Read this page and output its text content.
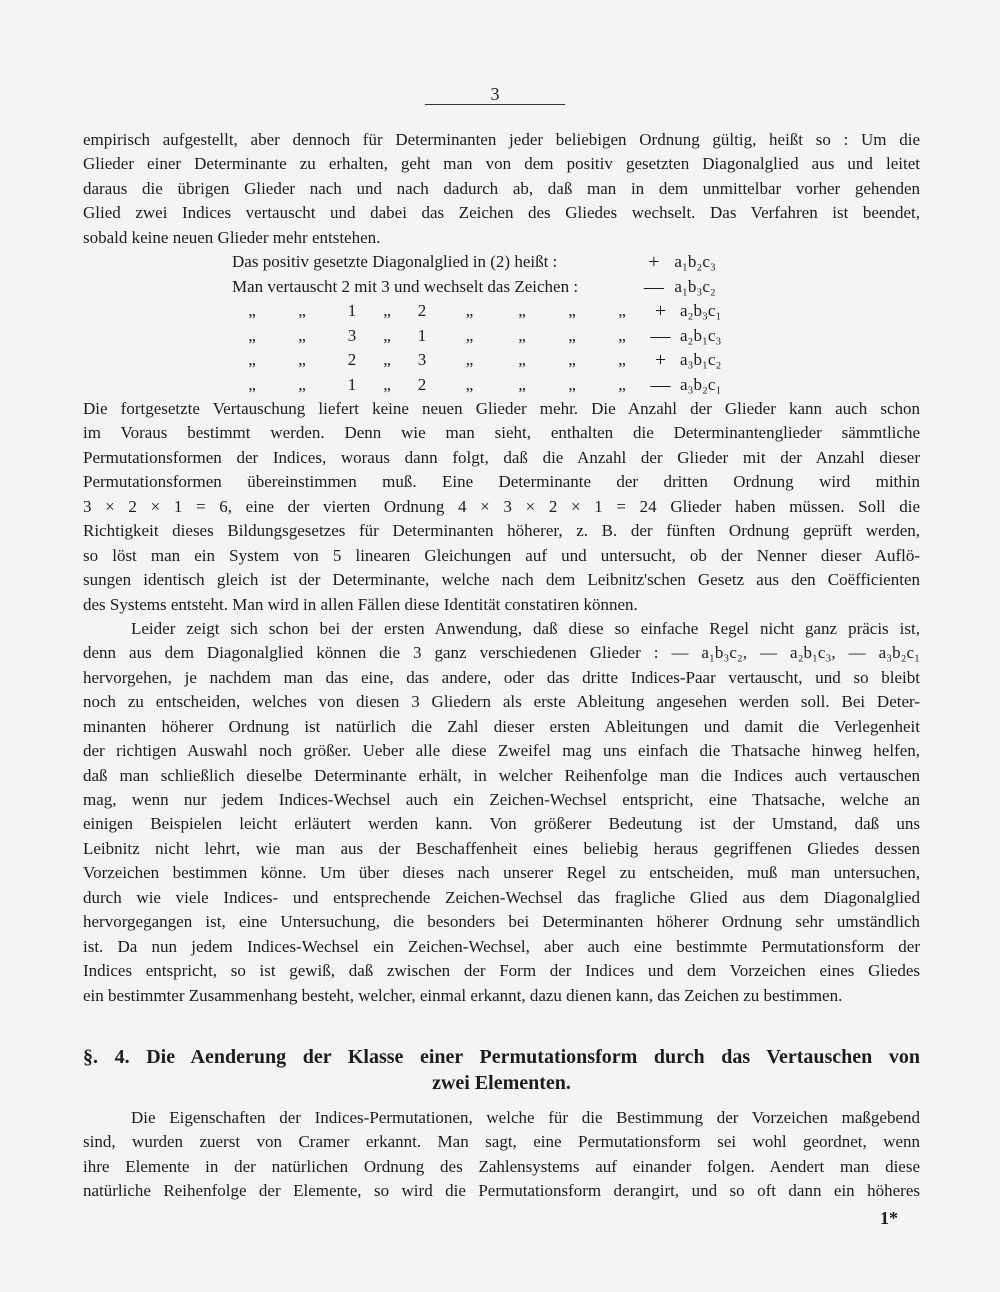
3
empirisch aufgestellt, aber dennoch für Determinanten jeder beliebigen Ordnung gültig, heißt so : Um die
Glieder einer Determinante zu erhalten, geht man von dem positiv gesetzten Diagonalglied aus und leitet
daraus die übrigen Glieder nach und nach dadurch ab, daß man in dem unmittelbar vorher gehenden
Glied zwei Indices vertauscht und dabei das Zeichen des Gliedes wechselt. Das Verfahren ist beendet,
sobald keine neuen Glieder mehr entstehen.
Das positiv gesetzte Diagonalglied in (2) heißt :	+ a₁b₂c₃
Man vertauscht 2 mit 3 und wechselt das Zeichen :	— a₁b₃c₂
„	„	1	„	2	„	„	„	„	+ a₂b₃c₁
„	„	3	„	1	„	„	„	„	— a₂b₁c₃
„	„	2	„	3	„	„	„	„	+ a₃b₁c₂
„	„	1	„	2	„	„	„	„	— a₃b₂c₁
Die fortgesetzte Vertauschung liefert keine neuen Glieder mehr. Die Anzahl der Glieder kann auch schon
im Voraus bestimmt werden. Denn wie man sieht, enthalten die Determinantenglieder sämmtliche
Permutationsformen der Indices, woraus dann folgt, daß die Anzahl der Glieder mit der Anzahl dieser
Permutationsformen übereinstimmen muß. Eine Determinante der dritten Ordnung wird mithin
3 × 2 × 1 = 6, eine der vierten Ordnung 4 × 3 × 2 × 1 = 24 Glieder haben müssen. Soll die
Richtigkeit dieses Bildungsgesetzes für Determinanten höherer, z. B. der fünften Ordnung geprüft werden,
so löst man ein System von 5 linearen Gleichungen auf und untersucht, ob der Nenner dieser Auflö-
sungen identisch gleich ist der Determinante, welche nach dem Leibnitz'schen Gesetz aus den Coëfficienten
des Systems entsteht. Man wird in allen Fällen diese Identität constatiren können.
Leider zeigt sich schon bei der ersten Anwendung, daß diese so einfache Regel nicht ganz präcis ist,
denn aus dem Diagonalglied können die 3 ganz verschiedenen Glieder : — a₁b₃c₂, — a₂b₁c₃, — a₃b₂c₁
hervorgehen, je nachdem man das eine, das andere, oder das dritte Indices-Paar vertauscht, und so bleibt
noch zu entscheiden, welches von diesen 3 Gliedern als erste Ableitung angesehen werden soll. Bei Deter-
minanten höherer Ordnung ist natürlich die Zahl dieser ersten Ableitungen und damit die Verlegenheit
der richtigen Auswahl noch größer. Ueber alle diese Zweifel mag uns einfach die Thatsache hinweg helfen,
daß man schließlich dieselbe Determinante erhält, in welcher Reihenfolge man die Indices auch vertauschen
mag, wenn nur jedem Indices-Wechsel auch ein Zeichen-Wechsel entspricht, eine Thatsache, welche an
einigen Beispielen leicht erläutert werden kann. Von größerer Bedeutung ist der Umstand, daß uns
Leibnitz nicht lehrt, wie man aus der Beschaffenheit eines beliebig heraus gegriffenen Gliedes dessen
Vorzeichen bestimmen könne. Um über dieses nach unserer Regel zu entscheiden, muß man untersuchen,
durch wie viele Indices- und entsprechende Zeichen-Wechsel das fragliche Glied aus dem Diagonalglied
hervorgegangen ist, eine Untersuchung, die besonders bei Determinanten höherer Ordnung sehr umständlich
ist. Da nun jedem Indices-Wechsel ein Zeichen-Wechsel, aber auch eine bestimmte Permutationsform der
Indices entspricht, so ist gewiß, daß zwischen der Form der Indices und dem Vorzeichen eines Gliedes
ein bestimmter Zusammenhang besteht, welcher, einmal erkannt, dazu dienen kann, das Zeichen zu bestimmen.
§. 4. Die Aenderung der Klasse einer Permutationsform durch das Vertauschen von
zwei Elementen.
Die Eigenschaften der Indices-Permutationen, welche für die Bestimmung der Vorzeichen maßgebend
sind, wurden zuerst von Cramer erkannt. Man sagt, eine Permutationsform sei wohl geordnet, wenn
ihre Elemente in der natürlichen Ordnung des Zahlensystems auf einander folgen. Aendert man diese
natürliche Reihenfolge der Elemente, so wird die Permutationsform derangirt, und so oft dann ein höheres
1*
